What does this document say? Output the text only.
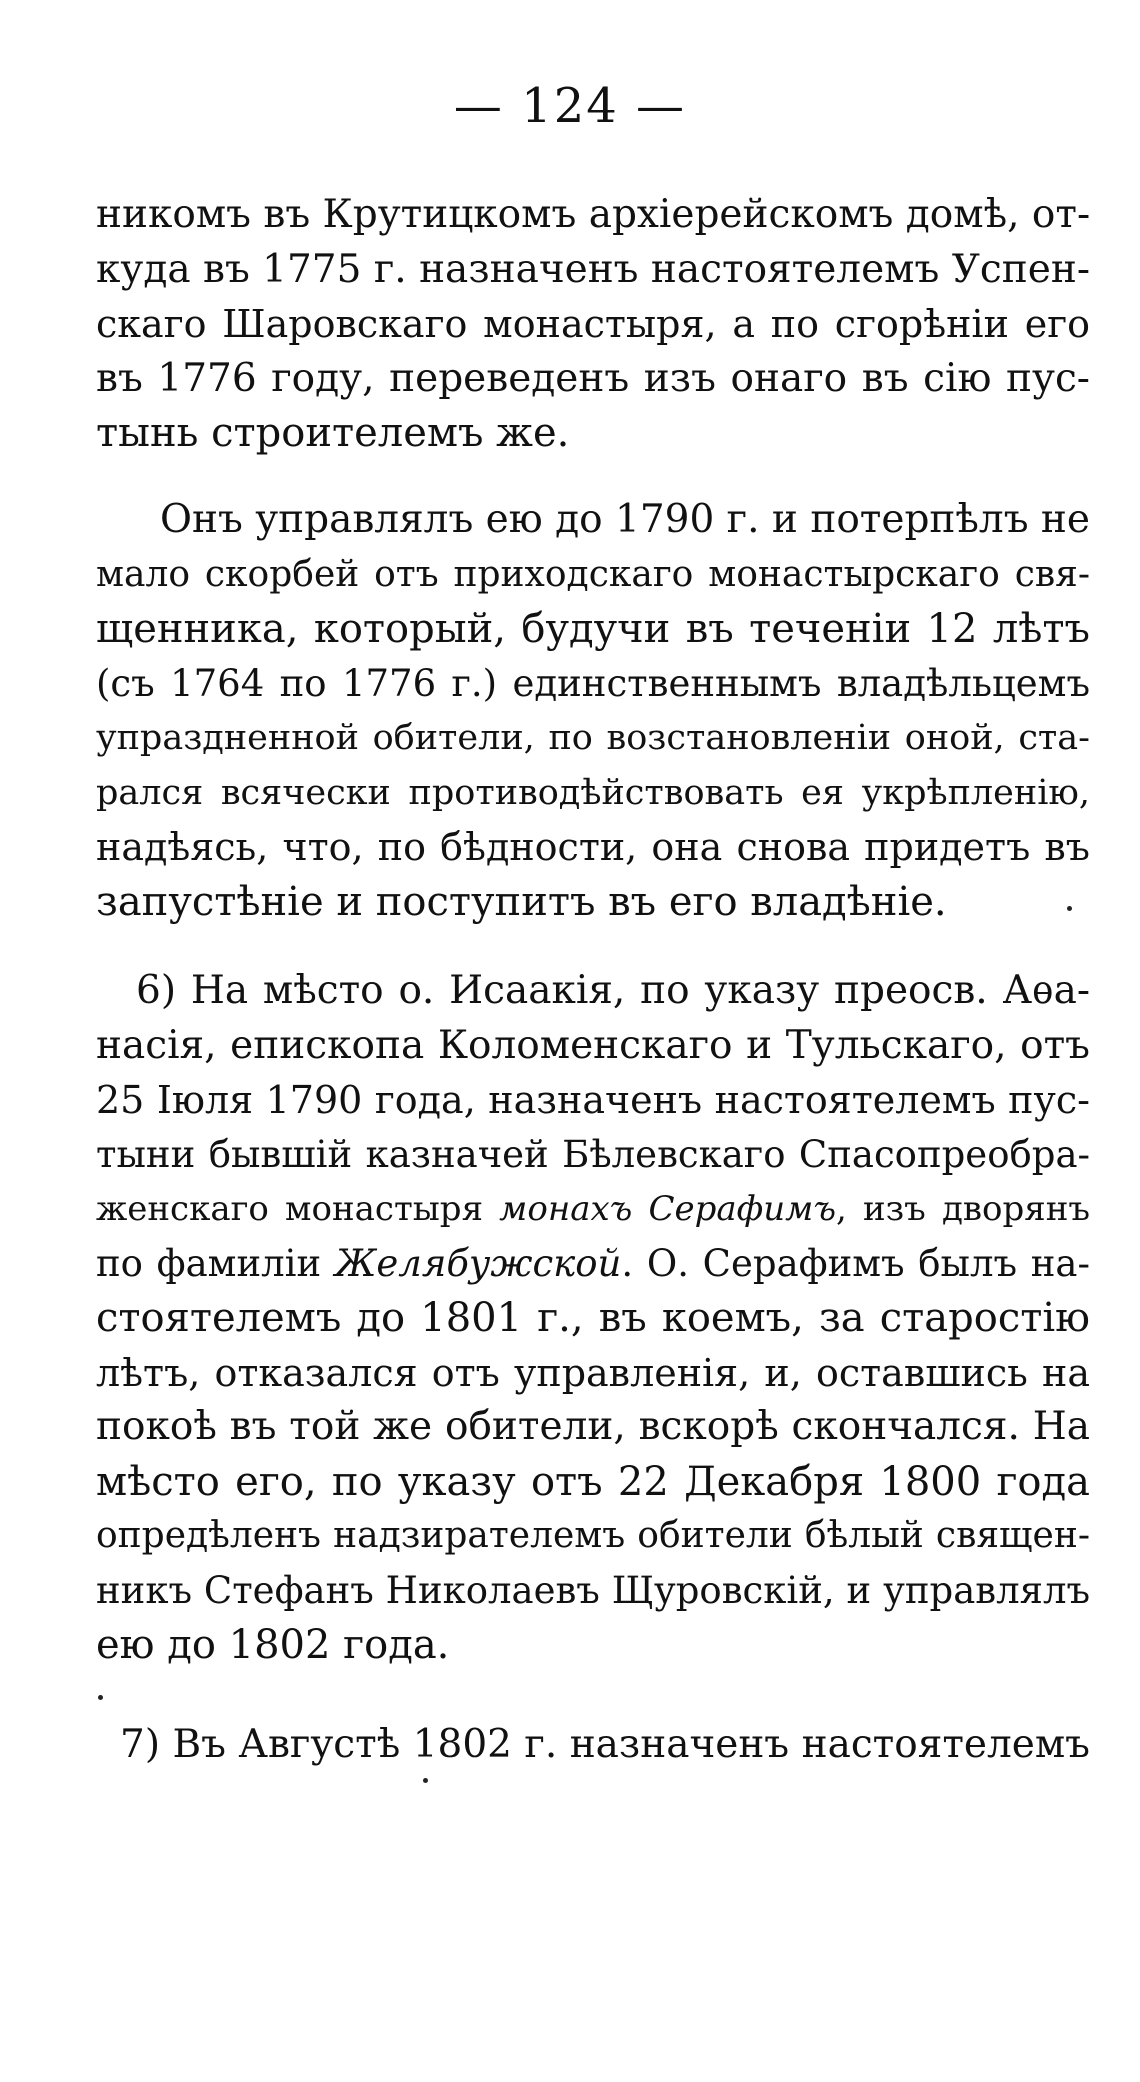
— 124 —
никомъ въ Крутицкомъ архіерейскомъ домѣ, от-
куда въ 1775 г. назначенъ настоятелемъ Успен-
скаго Шаровскаго монастыря, а по сгорѣніи его
въ 1776 году, переведенъ изъ онаго въ сію пус-
тынь строителемъ же.
Онъ управлялъ ею до 1790 г. и потерпѣлъ не
мало скорбей отъ приходскаго монастырскаго свя-
щенника, который, будучи въ теченіи 12 лѣтъ
(съ 1764 по 1776 г.) единственнымъ владѣльцемъ
упраздненной обители, по возстановленіи оной, ста-
рался всячески противодѣйствовать ея укрѣпленію,
надѣясь, что, по бѣдности, она снова придетъ въ
запустѣніе и поступитъ въ его владѣніе.
6) На мѣсто о. Исаакія, по указу преосв. Аѳа-
насія, епископа Коломенскаго и Тульскаго, отъ
25 Іюля 1790 года, назначенъ настоятелемъ пус-
тыни бывшій казначей Бѣлевскаго Спасопреобра-
женскаго монастыря монахъ Серафимъ, изъ дворянъ
по фамиліи Желябужской. О. Серафимъ былъ на-
стоятелемъ до 1801 г., въ коемъ, за старостію
лѣтъ, отказался отъ управленія, и, оставшись на
покоѣ въ той же обители, вскорѣ скончался. На
мѣсто его, по указу отъ 22 Декабря 1800 года
опредѣленъ надзирателемъ обители бѣлый священ-
никъ Стефанъ Николаевъ Щуровскій, и управлялъ
ею до 1802 года.
7) Въ Августѣ 1802 г. назначенъ настоятелемъ
